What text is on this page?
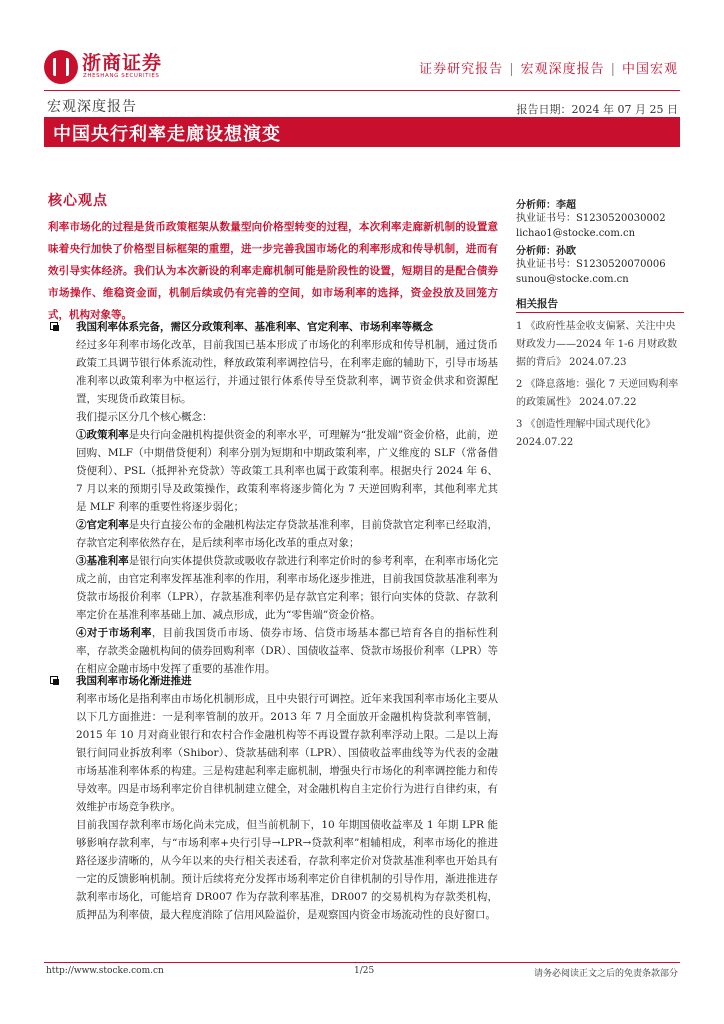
浙商证券
ZHESHANG SECURITIES	证券研究报告 | 宏观深度报告 | 中国宏观
宏观深度报告	报告日期：2024 年 07 月 25 日
中国央行利率走廊设想演变
核心观点
利率市场化的过程是货币政策框架从数量型向价格型转变的过程，本次利率走廊新机制的设置意味着央行加快了价格型目标框架的重塑，进一步完善我国市场化的利率形成和传导机制，进而有效引导实体经济。我们认为本次新设的利率走廊机制可能是阶段性的设置，短期目的是配合债券市场操作、维稳资金面，机制后续或仍有完善的空间，如市场利率的选择，资金投放及回笼方式，机构对象等。
我国利率体系完备，需区分政策利率、基准利率、官定利率、市场利率等概念
经过多年利率市场化改革，目前我国已基本形成了市场化的利率形成和传导机制，通过货币政策工具调节银行体系流动性，释放政策利率调控信号，在利率走廊的辅助下，引导市场基准利率以政策利率为中枢运行，并通过银行体系传导至贷款利率，调节资金供求和资源配置，实现货币政策目标。
我们提示区分几个核心概念：
①政策利率是央行向金融机构提供资金的利率水平，可理解为“批发端”资金价格，此前，逆回购、MLF（中期借贷便利）利率分别为短期和中期政策利率，广义维度的 SLF（常备借贷便利）、PSL（抵押补充贷款）等政策工具利率也属于政策利率。根据央行 2024 年 6、7 月以来的预期引导及政策操作，政策利率将逐步简化为 7 天逆回购利率，其他利率尤其是 MLF 利率的重要性将逐步弱化；
②官定利率是央行直接公布的金融机构法定存贷款基准利率，目前贷款官定利率已经取消，存款官定利率依然存在，是后续利率市场化改革的重点对象；
③基准利率是银行向实体提供贷款或吸收存款进行利率定价时的参考利率，在利率市场化完成之前，由官定利率发挥基准利率的作用，利率市场化逐步推进，目前我国贷款基准利率为贷款市场报价利率（LPR），存款基准利率仍是存款官定利率；银行向实体的贷款、存款利率定价在基准利率基础上加、减点形成，此为“零售端”资金价格。
④对于市场利率，目前我国货币市场、债券市场、信贷市场基本都已培育各自的指标性利率，存款类金融机构间的债券回购利率（DR）、国债收益率、贷款市场报价利率（LPR）等在相应金融市场中发挥了重要的基准作用。
我国利率市场化渐进推进
利率市场化是指利率由市场化机制形成，且中央银行可调控。近年来我国利率市场化主要从以下几方面推进：一是利率管制的放开。2013 年 7 月全面放开金融机构贷款利率管制，2015 年 10 月对商业银行和农村合作金融机构等不再设置存款利率浮动上限。二是以上海银行间同业拆放利率（Shibor）、贷款基础利率（LPR）、国债收益率曲线等为代表的金融市场基准利率体系的构建。三是构建起利率走廊机制，增强央行市场化的利率调控能力和传导效率。四是市场利率定价自律机制建立健全，对金融机构自主定价行为进行自律约束，有效维护市场竞争秩序。
目前我国存款利率市场化尚未完成，但当前机制下，10 年期国债收益率及 1 年期 LPR 能够影响存款利率，与“市场利率+央行引导→LPR→贷款利率”相辅相成，利率市场化的推进路径逐步清晰的，从今年以来的央行相关表述看，存款利率定价对贷款基准利率也开始具有一定的反馈影响机制。预计后续将充分发挥市场利率定价自律机制的引导作用，渐进推进存款利率市场化，可能培育 DR007 作为存款利率基准，DR007 的交易机构为存款类机构，质押品为利率债，最大程度消除了信用风险溢价，是观察国内资金市场流动性的良好窗口。
分析师：李超
执业证书号：S1230520030002
lichao1@stocke.com.cn
分析师：孙欧
执业证书号：S1230520070006
sunou@stocke.com.cn
相关报告
1 《政府性基金收支偏紧、关注中央财政发力——2024 年 1-6 月财政数据的背后》 2024.07.23
2 《降息落地：强化 7 天逆回购利率的政策属性》 2024.07.22
3 《创造性理解中国式现代化》 2024.07.22
http://www.stocke.com.cn	1/25	请务必阅读正文之后的免责条款部分
